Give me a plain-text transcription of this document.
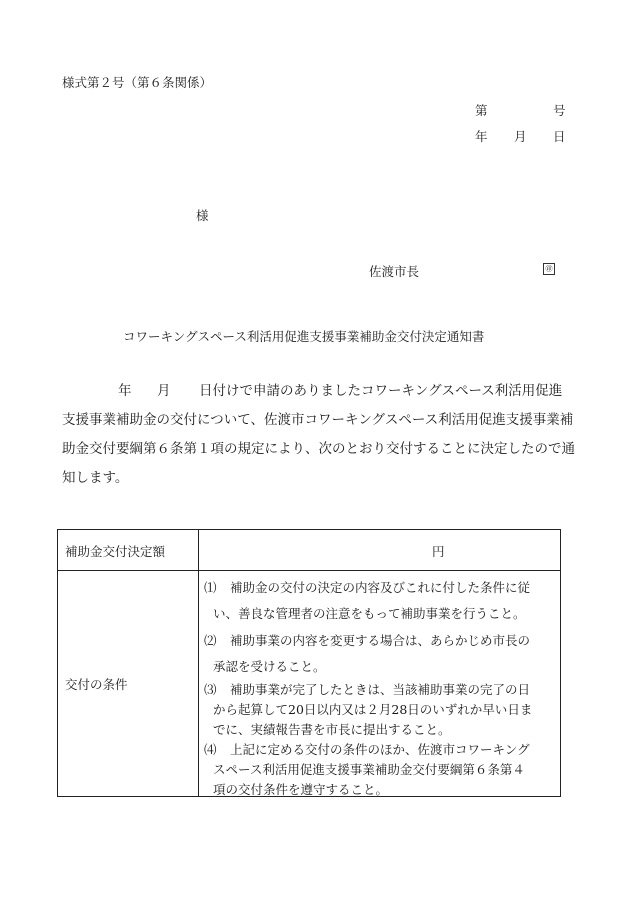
様式第２号（第６条関係）
第	号
年 月 日
様
佐渡市長	㊞
コワーキングスペース利活用促進支援事業補助金交付決定通知書
年 月 日付けで申請のありましたコワーキングスペース利活用促進
支援事業補助金の交付について、佐渡市コワーキングスペース利活用促進支援事業補
助金交付要綱第６条第１項の規定により、次のとおり交付することに決定したので通
知します。
補助金交付決定額	円
交付の条件
⑴ 補助金の交付の決定の内容及びこれに付した条件に従
い、善良な管理者の注意をもって補助事業を行うこと。
⑵ 補助事業の内容を変更する場合は、あらかじめ市長の
承認を受けること。
⑶ 補助事業が完了したときは、当該補助事業の完了の日
から起算して20日以内又は２月28日のいずれか早い日ま
でに、実績報告書を市長に提出すること。
⑷ 上記に定める交付の条件のほか、佐渡市コワーキング
スペース利活用促進支援事業補助金交付要綱第６条第４
項の交付条件を遵守すること。
